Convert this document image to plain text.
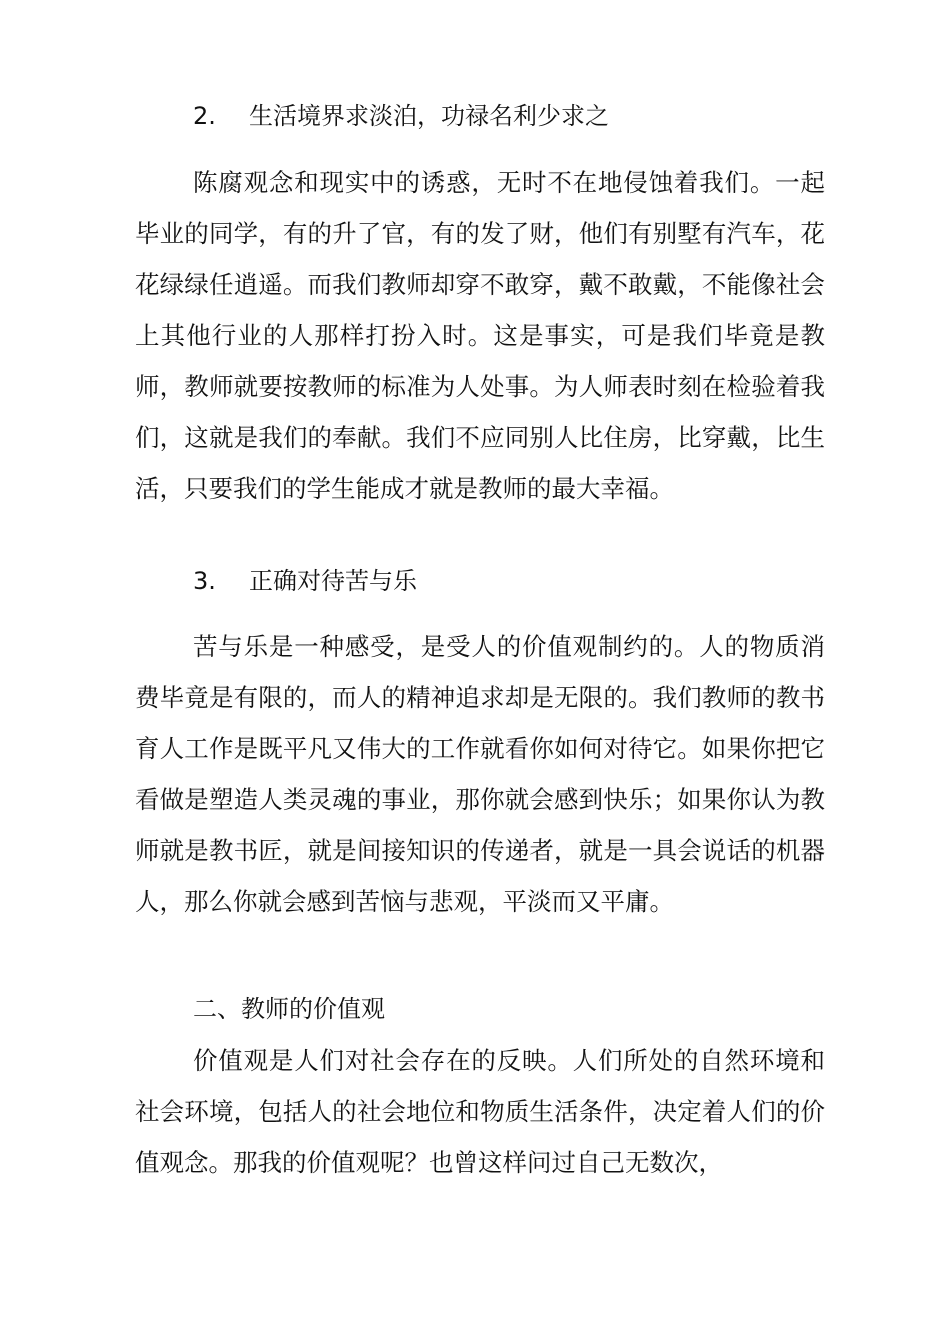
2. 生活境界求淡泊，功禄名利少求之

陈腐观念和现实中的诱惑，无时不在地侵蚀着我们。一起毕业的同学，有的升了官，有的发了财，他们有别墅有汽车，花花绿绿任逍遥。而我们教师却穿不敢穿，戴不敢戴，不能像社会上其他行业的人那样打扮入时。这是事实，可是我们毕竟是教师，教师就要按教师的标准为人处事。为人师表时刻在检验着我们，这就是我们的奉献。我们不应同别人比住房，比穿戴，比生活，只要我们的学生能成才就是教师的最大幸福。

3. 正确对待苦与乐

苦与乐是一种感受，是受人的价值观制约的。人的物质消费毕竟是有限的，而人的精神追求却是无限的。我们教师的教书育人工作是既平凡又伟大的工作就看你如何对待它。如果你把它看做是塑造人类灵魂的事业，那你就会感到快乐；如果你认为教师就是教书匠，就是间接知识的传递者，就是一具会说话的机器人，那么你就会感到苦恼与悲观，平淡而又平庸。

二、教师的价值观

价值观是人们对社会存在的反映。人们所处的自然环境和社会环境，包括人的社会地位和物质生活条件，决定着人们的价值观念。那我的价值观呢？也曾这样问过自己无数次，
